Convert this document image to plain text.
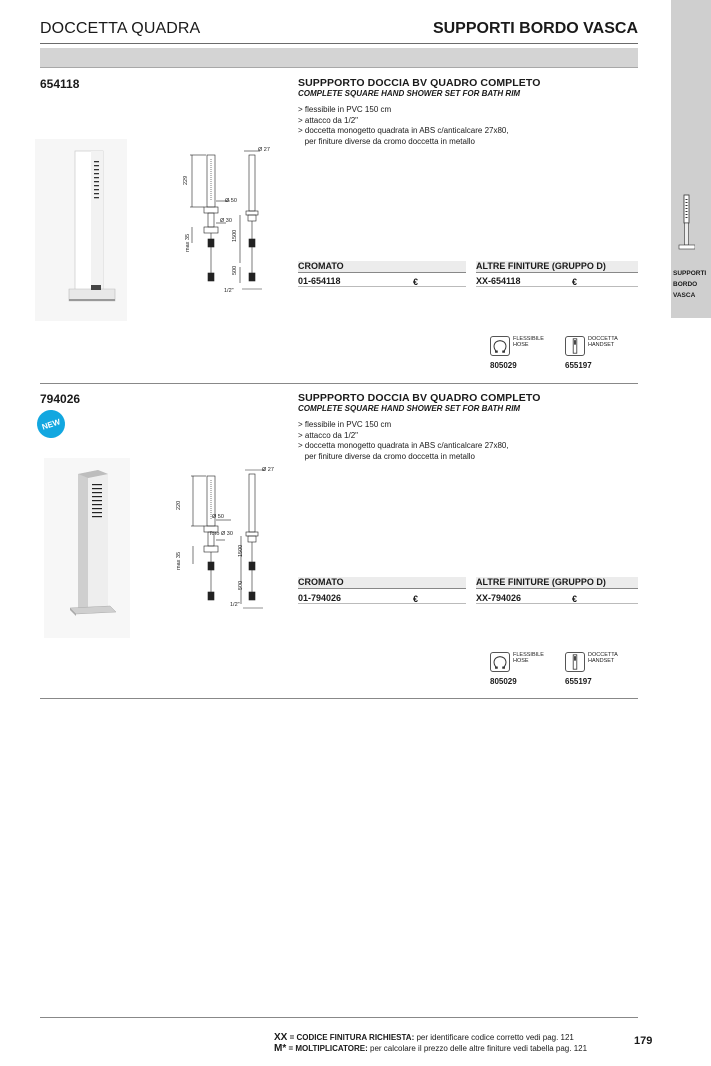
DOCCETTA QUADRA	SUPPORTI BORDO VASCA
SUPPORTI
BORDO
VASCA
654118
Ø 27
229
Ø 50
Ø 30
max 35	1500
500
1/2"
SUPPPORTO DOCCIA BV QUADRO COMPLETO
COMPLETE SQUARE HAND SHOWER SET FOR BATH RIM
> flessibile in PVC 150 cm
> attacco da 1/2"
> doccetta monogetto quadrata in ABS c/anticalcare 27x80,
per finiture diverse da cromo doccetta in metallo
CROMATO	ALTRE FINITURE (GRUPPO D)
01-654118	€	XX-654118	€
FLESSIBILE
HOSE
805029
DOCCETTA
HANDSET
655197
794026
NEW
Ø 27
220
Ø 50
foro Ø 30
max 35
1500
500
1/2"
SUPPPORTO DOCCIA BV QUADRO COMPLETO
COMPLETE SQUARE HAND SHOWER SET FOR BATH RIM
> flessibile in PVC 150 cm
> attacco da 1/2"
> doccetta monogetto quadrata in ABS c/anticalcare 27x80,
per finiture diverse da cromo doccetta in metallo
CROMATO	ALTRE FINITURE (GRUPPO D)
01-794026	€	XX-794026	€
FLESSIBILE
HOSE
805029
DOCCETTA
HANDSET
655197
XX = CODICE FINITURA RICHIESTA: per identificare codice corretto vedi pag. 121
M* = MOLTIPLICATORE: per calcolare il prezzo delle altre finiture vedi tabella pag. 121
179
